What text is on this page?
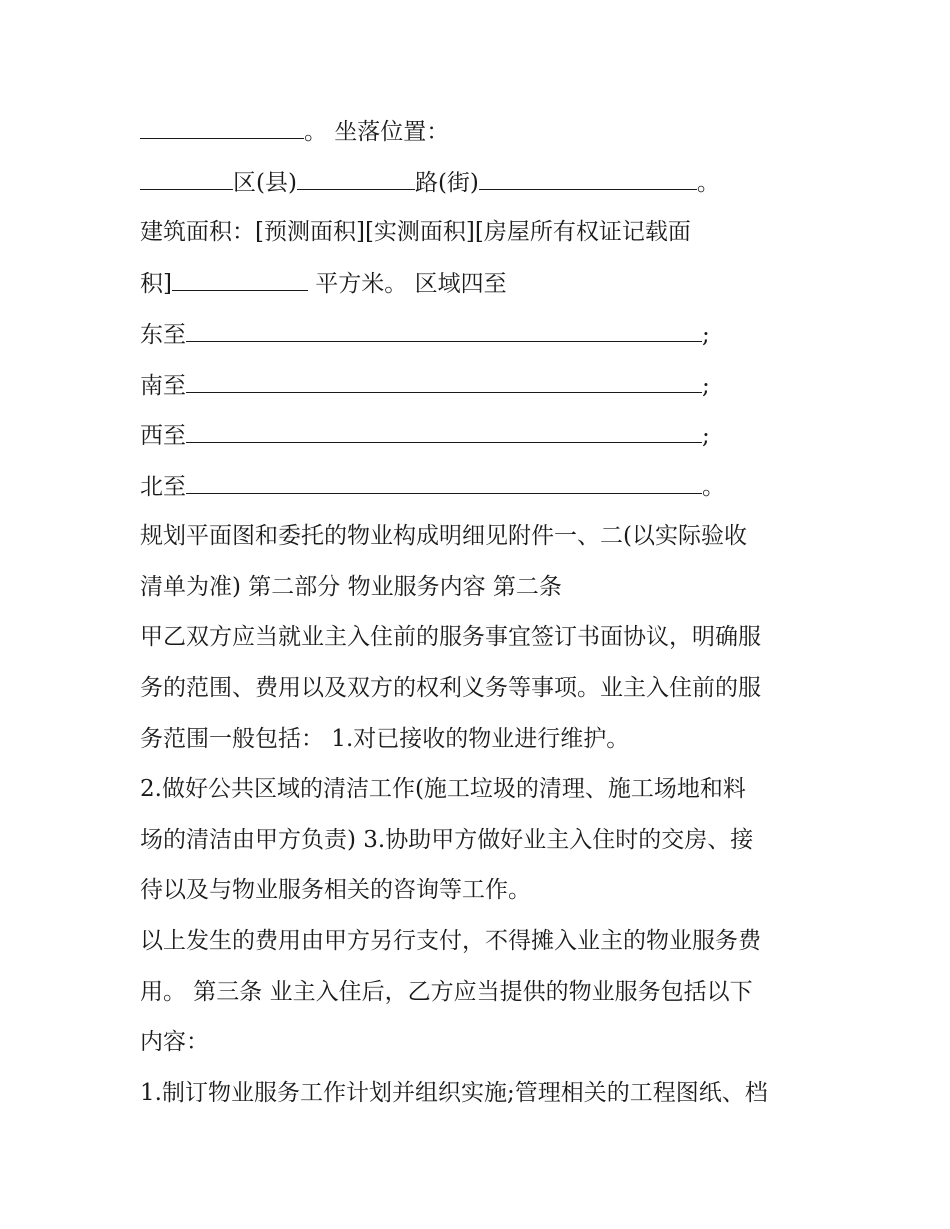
。 坐落位置：
区(县)	路(街)	。
建筑面积：[预测面积][实测面积][房屋所有权证记载面
积]	平方米。 区域四至
东至	;
南至	;
西至	;
北至	。
规划平面图和委托的物业构成明细见附件一、二(以实际验收
清单为准) 第二部分 物业服务内容 第二条
甲乙双方应当就业主入住前的服务事宜签订书面协议，明确服
务的范围、费用以及双方的权利义务等事项。业主入住前的服
务范围一般包括： 1.对已接收的物业进行维护。
2.做好公共区域的清洁工作(施工垃圾的清理、施工场地和料
场的清洁由甲方负责) 3.协助甲方做好业主入住时的交房、接
待以及与物业服务相关的咨询等工作。
以上发生的费用由甲方另行支付，不得摊入业主的物业服务费
用。 第三条 业主入住后，乙方应当提供的物业服务包括以下
内容：
1.制订物业服务工作计划并组织实施;管理相关的工程图纸、档
